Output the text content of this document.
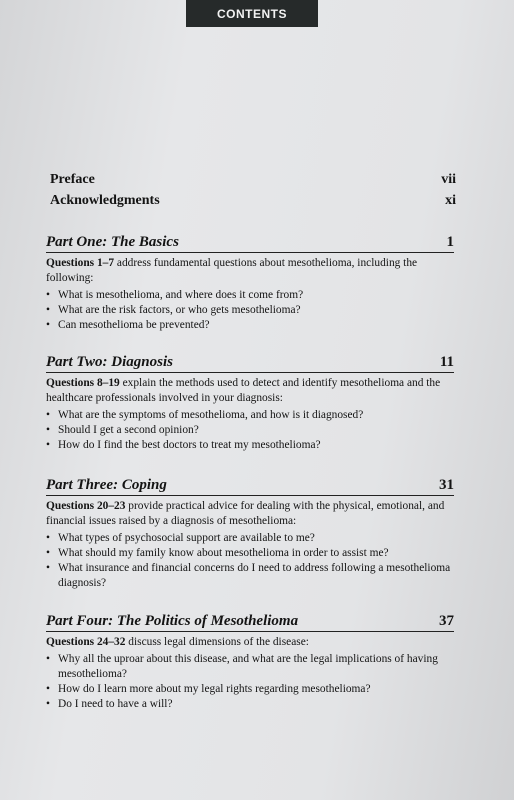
CONTENTS
Preface	vii
Acknowledgments	xi
Part One: The Basics	1
Questions 1–7 address fundamental questions about mesothelioma, including the following:
• What is mesothelioma, and where does it come from?
• What are the risk factors, or who gets mesothelioma?
• Can mesothelioma be prevented?
Part Two: Diagnosis	11
Questions 8–19 explain the methods used to detect and identify mesothelioma and the healthcare professionals involved in your diagnosis:
• What are the symptoms of mesothelioma, and how is it diagnosed?
• Should I get a second opinion?
• How do I find the best doctors to treat my mesothelioma?
Part Three: Coping	31
Questions 20–23 provide practical advice for dealing with the physical, emotional, and financial issues raised by a diagnosis of mesothelioma:
• What types of psychosocial support are available to me?
• What should my family know about mesothelioma in order to assist me?
• What insurance and financial concerns do I need to address following a mesothelioma diagnosis?
Part Four: The Politics of Mesothelioma	37
Questions 24–32 discuss legal dimensions of the disease:
• Why all the uproar about this disease, and what are the legal implications of having mesothelioma?
• How do I learn more about my legal rights regarding mesothelioma?
• Do I need to have a will?
